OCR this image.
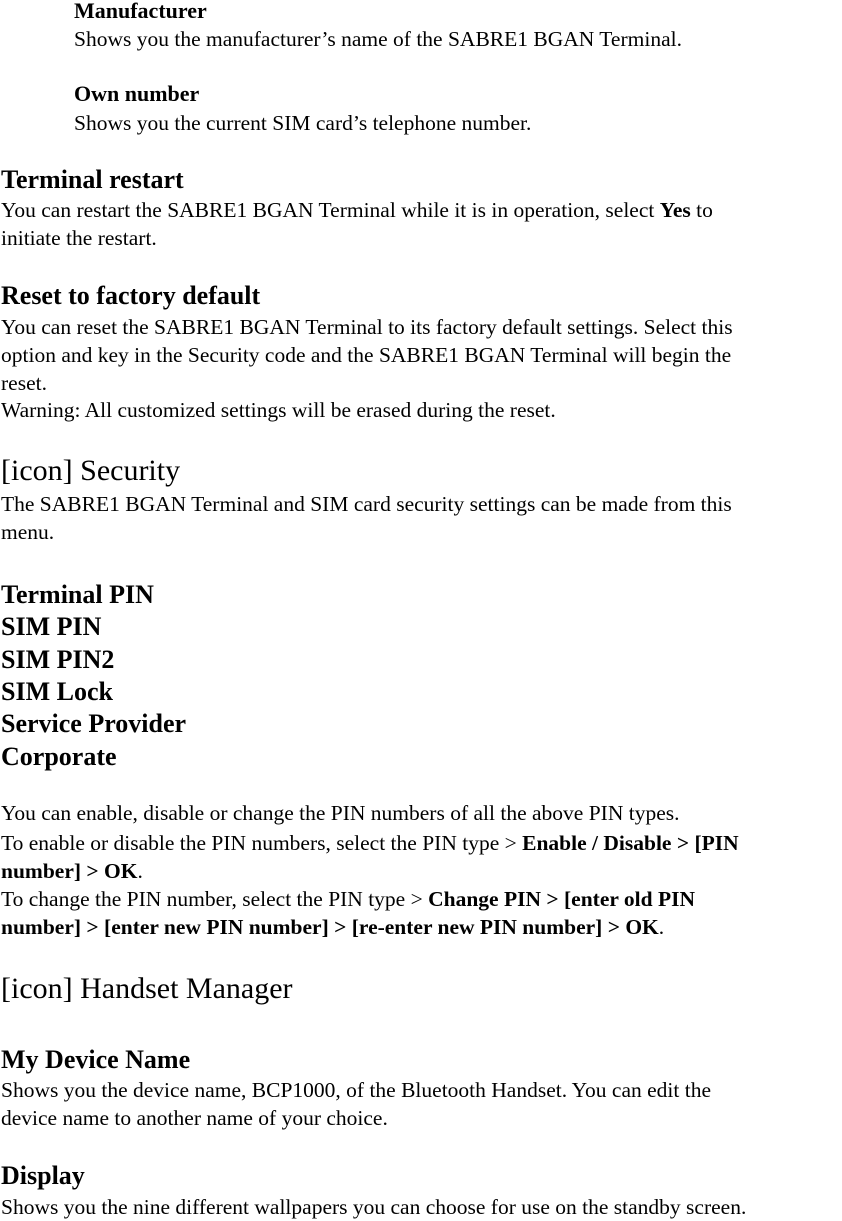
Manufacturer
Shows you the manufacturer’s name of the SABRE1 BGAN Terminal.
Own number
Shows you the current SIM card’s telephone number.
Terminal restart
You can restart the SABRE1 BGAN Terminal while it is in operation, select Yes to
initiate the restart.
Reset to factory default
You can reset the SABRE1 BGAN Terminal to its factory default settings. Select this
option and key in the Security code and the SABRE1 BGAN Terminal will begin the
reset.
Warning: All customized settings will be erased during the reset.
[icon] Security
The SABRE1 BGAN Terminal and SIM card security settings can be made from this
menu.
Terminal PIN
SIM PIN
SIM PIN2
SIM Lock
Service Provider
Corporate
You can enable, disable or change the PIN numbers of all the above PIN types.
To enable or disable the PIN numbers, select the PIN type > Enable / Disable > [PIN
number] > OK.
To change the PIN number, select the PIN type > Change PIN > [enter old PIN
number] > [enter new PIN number] > [re-enter new PIN number] > OK.
[icon] Handset Manager
My Device Name
Shows you the device name, BCP1000, of the Bluetooth Handset. You can edit the
device name to another name of your choice.
Display
Shows you the nine different wallpapers you can choose for use on the standby screen.
